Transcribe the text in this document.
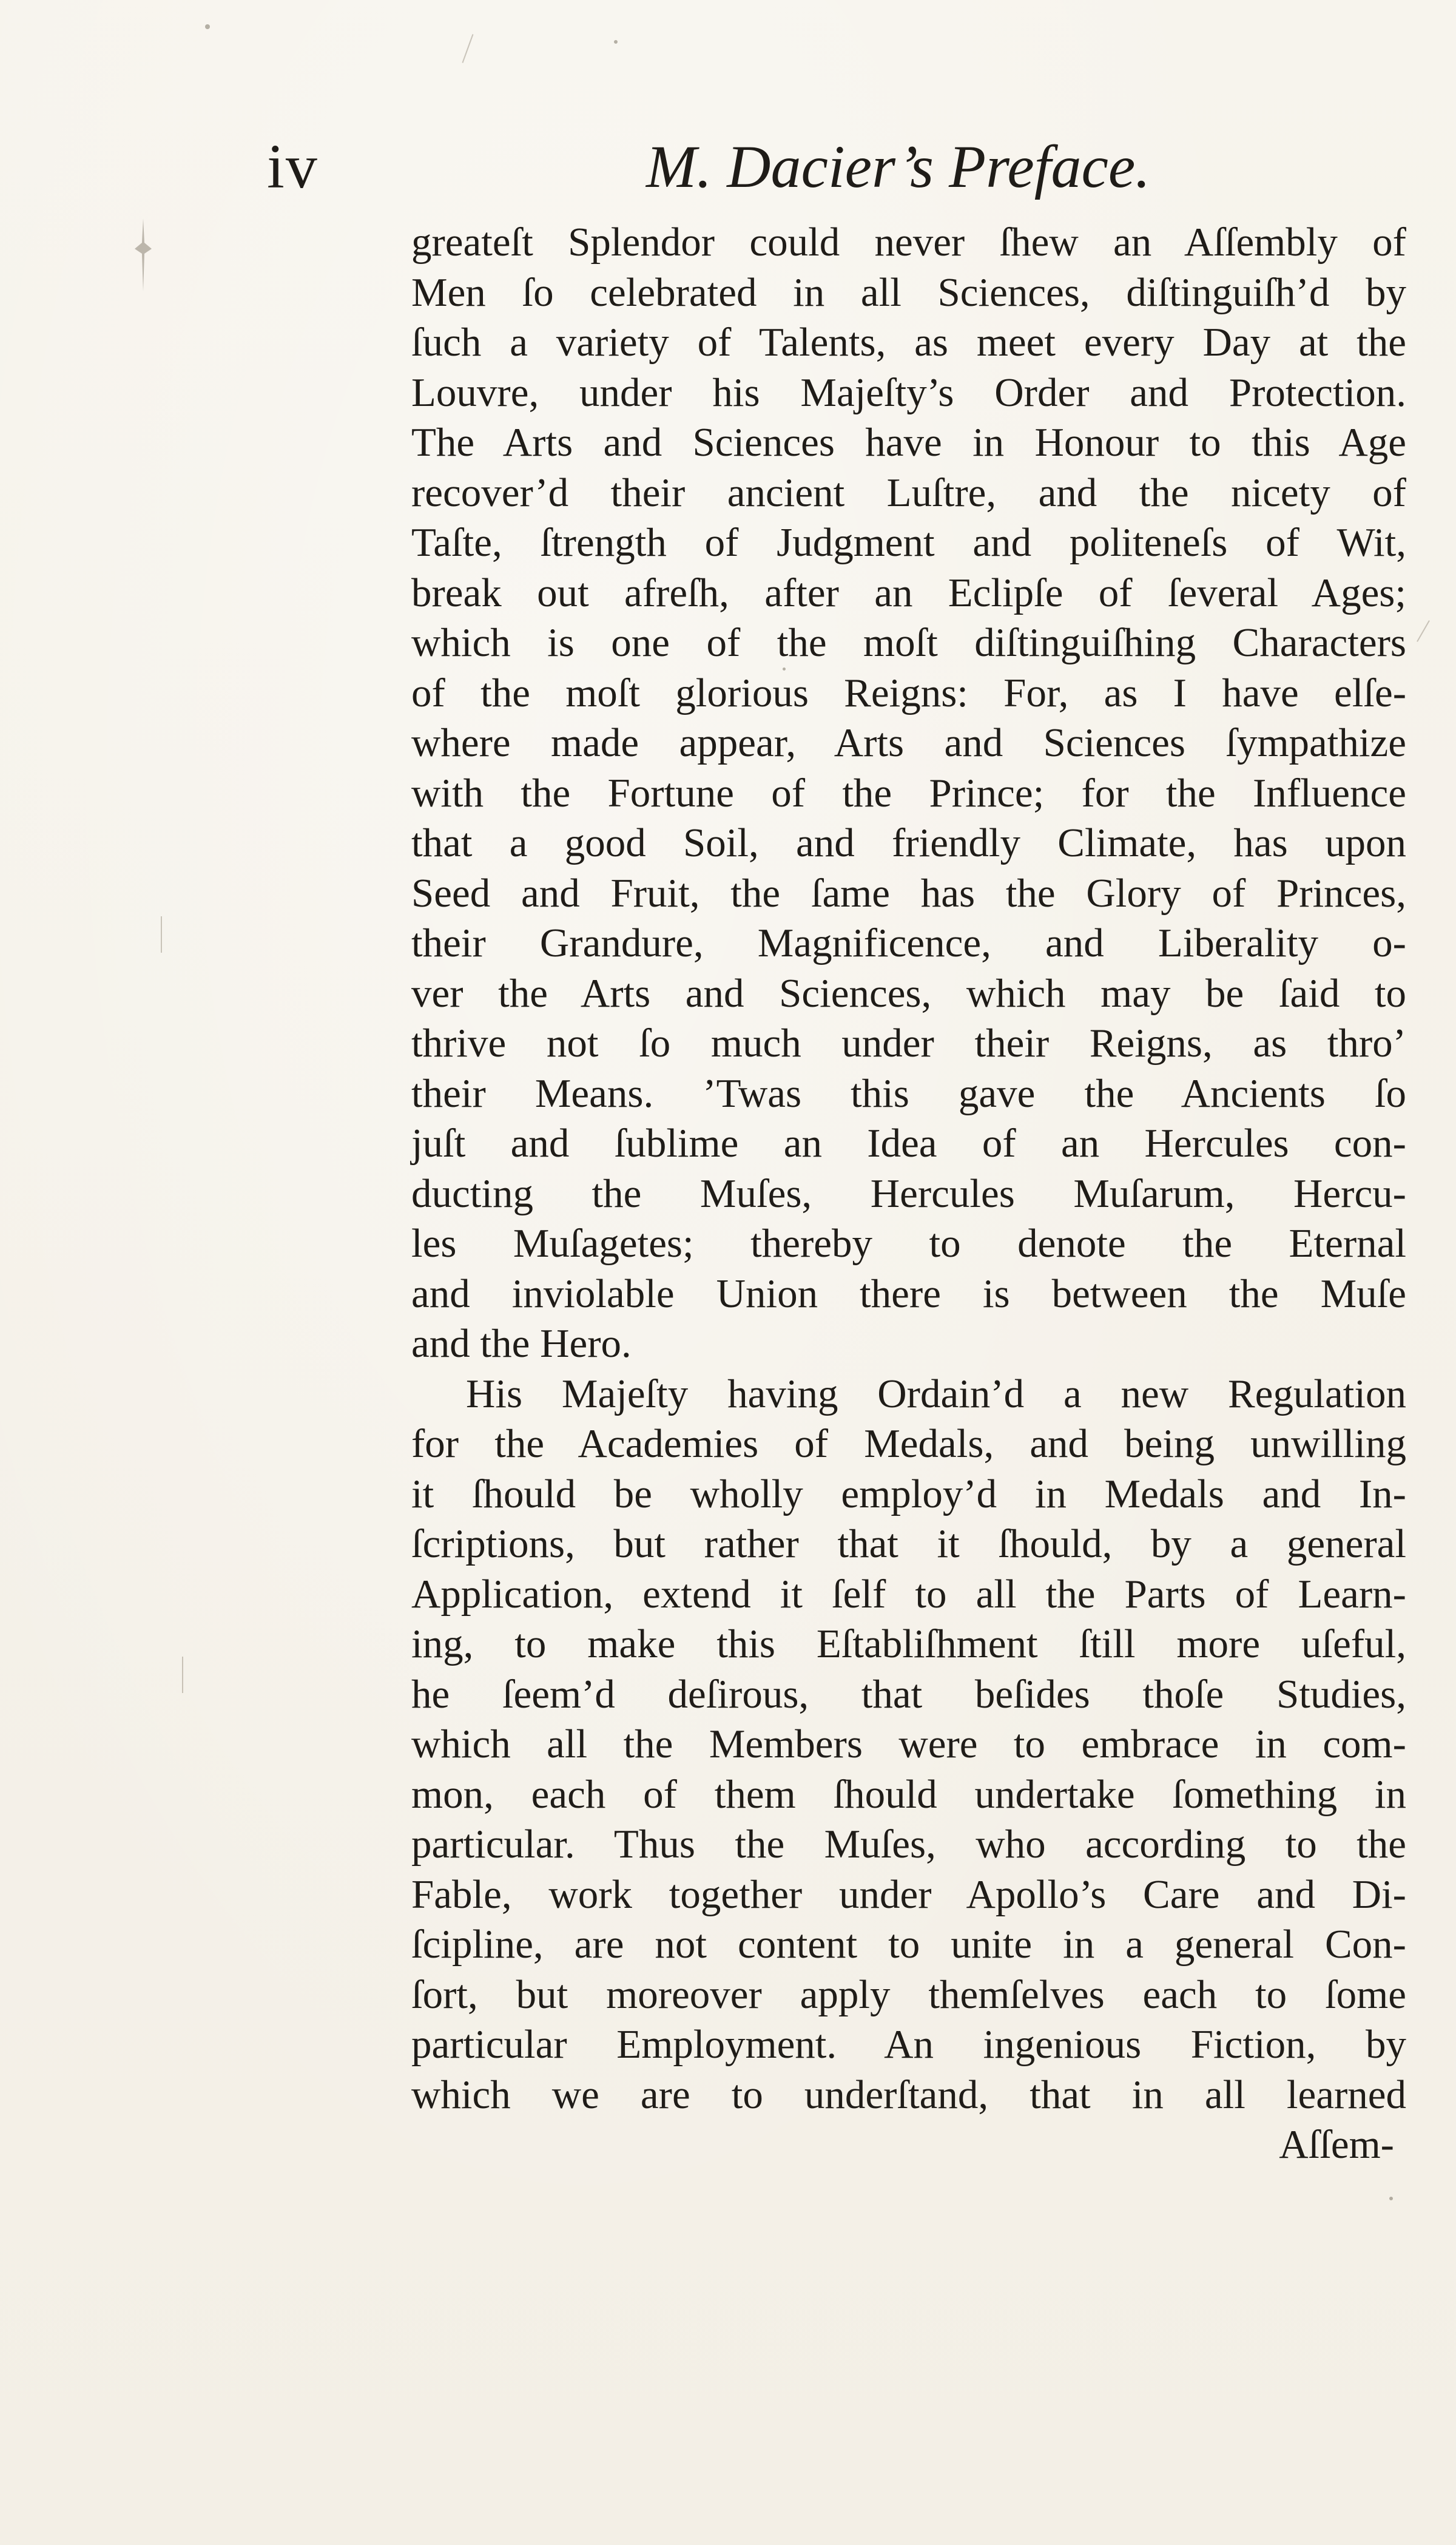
iv	M. Dacier’s Preface.
greateſt Splendor could never ſhew an Aſſembly of
Men ſo celebrated in all Sciences, diſtinguiſh’d by
ſuch a variety of Talents, as meet every Day at the
Louvre, under his Majeſty’s Order and Protection.
The Arts and Sciences have in Honour to this Age
recover’d their ancient Luſtre, and the nicety of
Taſte, ſtrength of Judgment and politeneſs of Wit,
break out afreſh, after an Eclipſe of ſeveral Ages;
which is one of the moſt diſtinguiſhing Characters
of the moſt glorious Reigns: For, as I have elſe-
where made appear, Arts and Sciences ſympathize
with the Fortune of the Prince; for the Influence
that a good Soil, and friendly Climate, has upon
Seed and Fruit, the ſame has the Glory of Princes,
their Grandure, Magnificence, and Liberality o-
ver the Arts and Sciences, which may be ſaid to
thrive not ſo much under their Reigns, as thro’
their Means. ’Twas this gave the Ancients ſo
juſt and ſublime an Idea of an Hercules con-
ducting the Muſes, Hercules Muſarum, Hercu-
les Muſagetes; thereby to denote the Eternal
and inviolable Union there is between the Muſe
and the Hero.
His Majeſty having Ordain’d a new Regulation
for the Academies of Medals, and being unwilling
it ſhould be wholly employ’d in Medals and In-
ſcriptions, but rather that it ſhould, by a general
Application, extend it ſelf to all the Parts of Learn-
ing, to make this Eſtabliſhment ſtill more uſeful,
he ſeem’d deſirous, that beſides thoſe Studies,
which all the Members were to embrace in com-
mon, each of them ſhould undertake ſomething in
particular. Thus the Muſes, who according to the
Fable, work together under Apollo’s Care and Di-
ſcipline, are not content to unite in a general Con-
ſort, but moreover apply themſelves each to ſome
particular Employment. An ingenious Fiction, by
which we are to underſtand, that in all learned
Aſſem-
